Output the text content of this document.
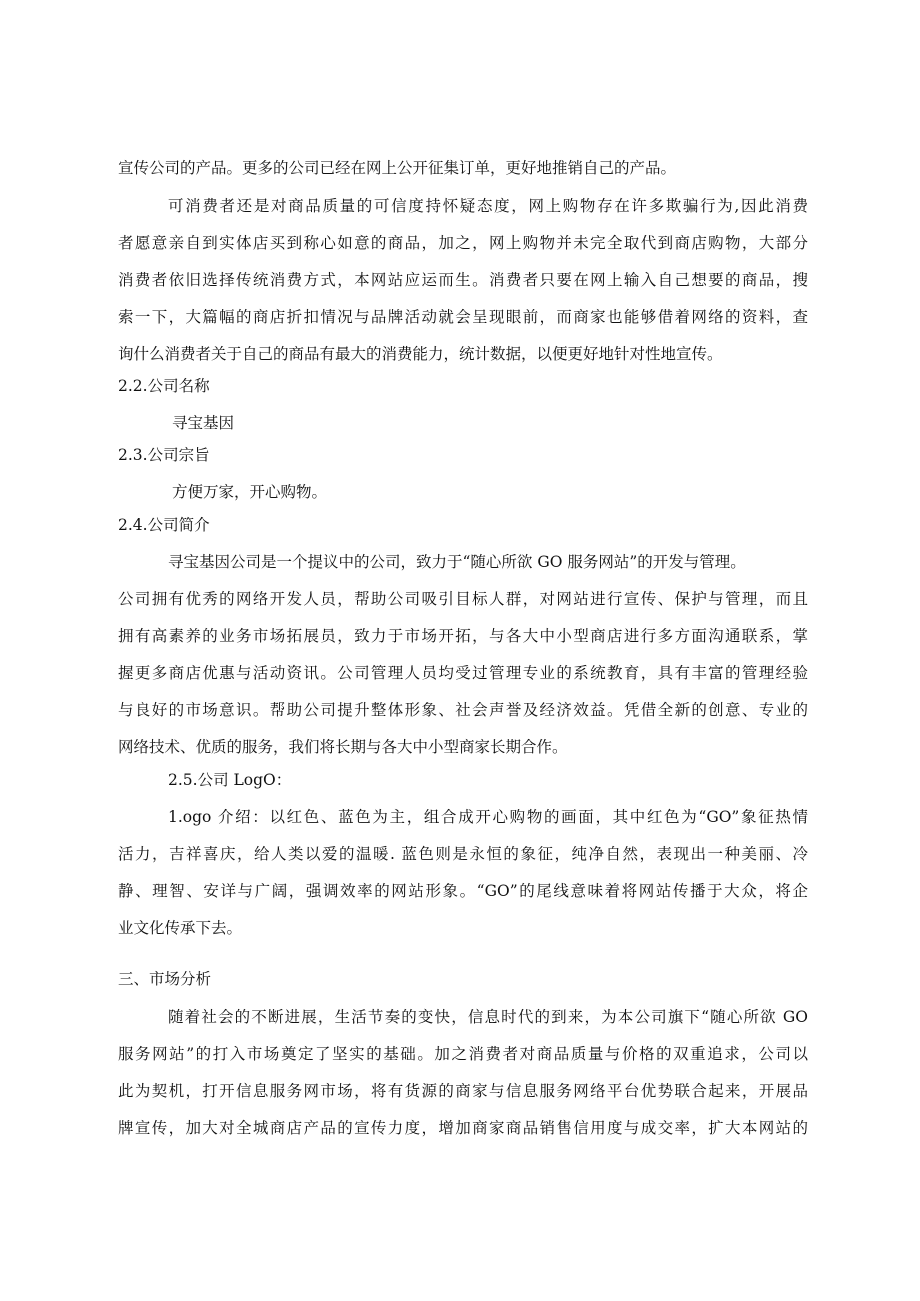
宣传公司的产品。更多的公司已经在网上公开征集订单，更好地推销自己的产品。
可消费者还是对商品质量的可信度持怀疑态度，网上购物存在许多欺骗行为,因此消费
者愿意亲自到实体店买到称心如意的商品，加之，网上购物并未完全取代到商店购物，大部分
消费者依旧选择传统消费方式，本网站应运而生。消费者只要在网上输入自己想要的商品，搜
索一下，大篇幅的商店折扣情况与品牌活动就会呈现眼前，而商家也能够借着网络的资料，查
询什么消费者关于自己的商品有最大的消费能力，统计数据，以便更好地针对性地宣传。
2.2.公司名称
寻宝基因
2.3.公司宗旨
方便万家，开心购物。
2.4.公司简介
寻宝基因公司是一个提议中的公司，致力于“随心所欲 GO 服务网站”的开发与管理。
公司拥有优秀的网络开发人员，帮助公司吸引目标人群，对网站进行宣传、保护与管理，而且
拥有高素养的业务市场拓展员，致力于市场开拓，与各大中小型商店进行多方面沟通联系，掌
握更多商店优惠与活动资讯。公司管理人员均受过管理专业的系统教育，具有丰富的管理经验
与良好的市场意识。帮助公司提升整体形象、社会声誉及经济效益。凭借全新的创意、专业的
网络技术、优质的服务，我们将长期与各大中小型商家长期合作。
2.5.公司 LogO：
1.ogo 介绍：以红色、蓝色为主，组合成开心购物的画面，其中红色为“GO”象征热情
活力，吉祥喜庆，给人类以爱的温暖. 蓝色则是永恒的象征，纯净自然，表现出一种美丽、冷
静、理智、安详与广阔，强调效率的网站形象。“GO”的尾线意味着将网站传播于大众，将企
业文化传承下去。
三、市场分析
随着社会的不断进展，生活节奏的变快，信息时代的到来，为本公司旗下“随心所欲 GO
服务网站”的打入市场奠定了坚实的基础。加之消费者对商品质量与价格的双重追求，公司以
此为契机，打开信息服务网市场，将有货源的商家与信息服务网络平台优势联合起来，开展品
牌宣传，加大对全城商店产品的宣传力度，增加商家商品销售信用度与成交率，扩大本网站的
